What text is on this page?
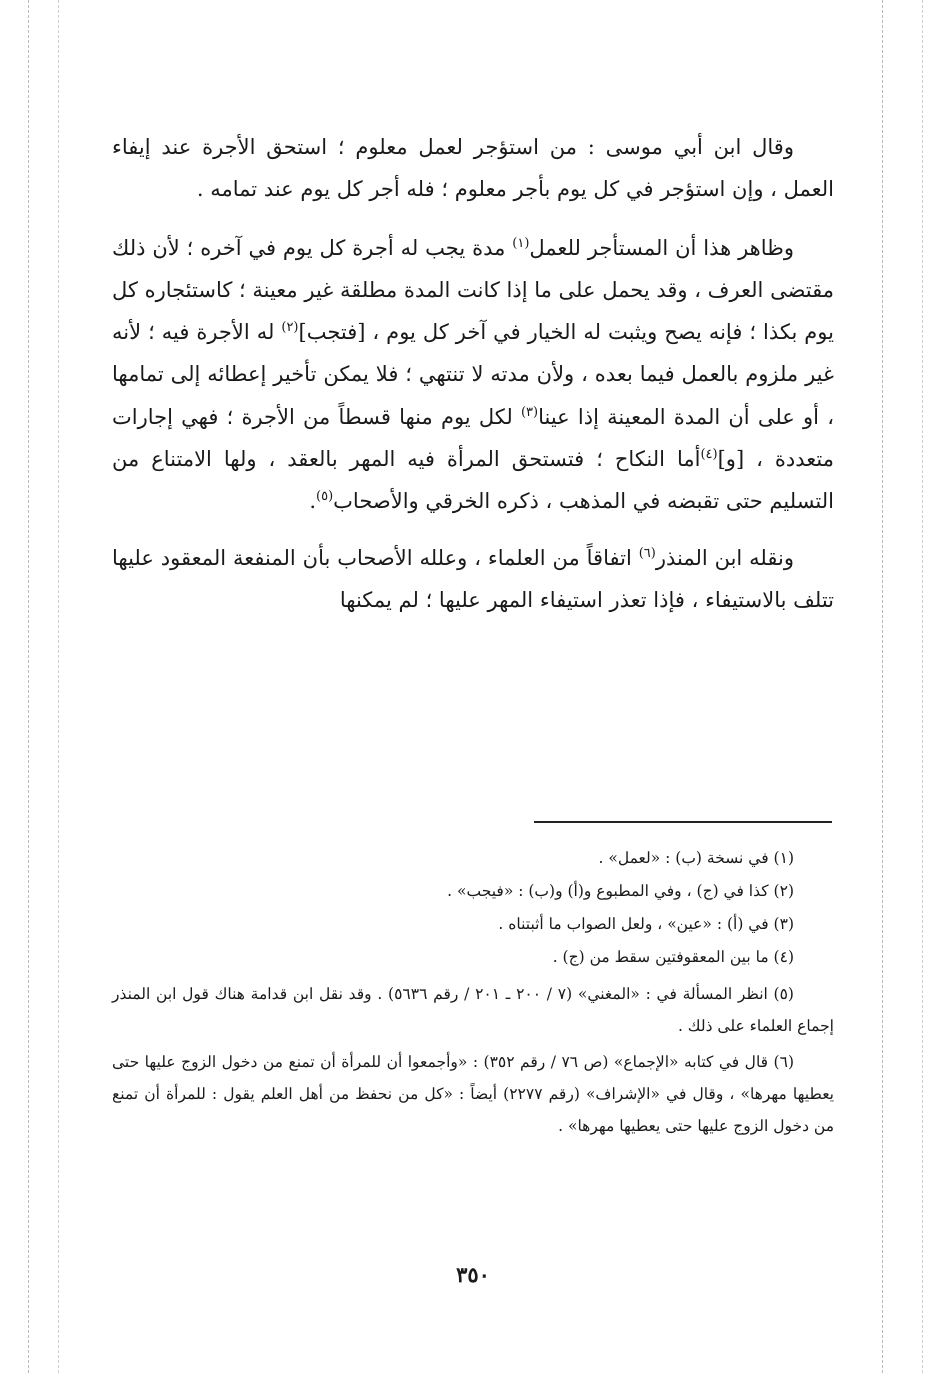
وقال ابن أبي موسى : من استؤجر لعمل معلوم ؛ استحق الأجرة عند إيفاء العمل ، وإن استؤجر في كل يوم بأجر معلوم ؛ فله أجر كل يوم عند تمامه .

وظاهر هذا أن المستأجر للعمل$^{(١)}$ مدة يجب له أجرة كل يوم في آخره ؛ لأن ذلك مقتضى العرف ، وقد يحمل على ما إذا كانت المدة مطلقة غير معينة ؛ كاستئجاره كل يوم بكذا ؛ فإنه يصح ويثبت له الخيار في آخر كل يوم ، [فتجب]$^{(٢)}$ له الأجرة فيه ؛ لأنه غير ملزوم بالعمل فيما بعده ، ولأن مدته لا تنتهي ؛ فلا يمكن تأخير إعطائه إلى تمامها ، أو على أن المدة المعينة إذا عينا$^{(٣)}$ لكل يوم منها قسطاً من الأجرة ؛ فهي إجارات متعددة ، [و]$^{(٤)}$أما النكاح ؛ فتستحق المرأة فيه المهر بالعقد ، ولها الامتناع من التسليم حتى تقبضه في المذهب ، ذكره الخرقي والأصحاب$^{(٥)}$.

ونقله ابن المنذر$^{(٦)}$ اتفاقاً من العلماء ، وعلله الأصحاب بأن المنفعة المعقود عليها تتلف بالاستيفاء ، فإذا تعذر استيفاء المهر عليها ؛ لم يمكنها

(١) في نسخة (ب) : «لعمل» .

(٢) كذا في (ج) ، وفي المطبوع و(أ) و(ب) : «فيجب» .

(٣) في (أ) : «عين» ، ولعل الصواب ما أثبتناه .

(٤) ما بين المعقوفتين سقط من (ج) .

(٥) انظر المسألة في : «المغني» (٧ / ٢٠٠ ـ ٢٠١ / رقم ٥٦٣٦) . وقد نقل ابن قدامة هناك قول ابن المنذر إجماع العلماء على ذلك .

(٦) قال في كتابه «الإجماع» (ص ٧٦ / رقم ٣٥٢) : «وأجمعوا أن للمرأة أن تمنع من دخول الزوج عليها حتى يعطيها مهرها» ، وقال في «الإشراف» (رقم ٢٢٧٧) أيضاً : «كل من نحفظ من أهل العلم يقول : للمرأة أن تمنع من دخول الزوج عليها حتى يعطيها مهرها» .

٣٥٠
